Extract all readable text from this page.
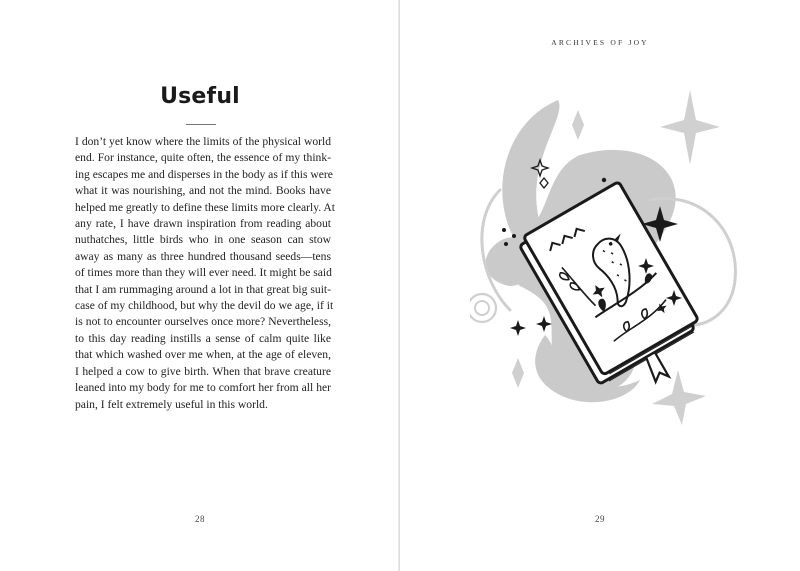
Useful
I don’t yet know where the limits of the physical world
end. For instance, quite often, the essence of my think-
ing escapes me and disperses in the body as if this were
what it was nourishing, and not the mind. Books have
helped me greatly to define these limits more clearly. At
any rate, I have drawn inspiration from reading about
nuthatches, little birds who in one season can stow
away as many as three hundred thousand seeds—tens
of times more than they will ever need. It might be said
that I am rummaging around a lot in that great big suit-
case of my childhood, but why the devil do we age, if it
is not to encounter ourselves once more? Nevertheless,
to this day reading instills a sense of calm quite like
that which washed over me when, at the age of eleven,
I helped a cow to give birth. When that brave creature
leaned into my body for me to comfort her from all her
pain, I felt extremely useful in this world.
28
ARCHIVES OF JOY
29
